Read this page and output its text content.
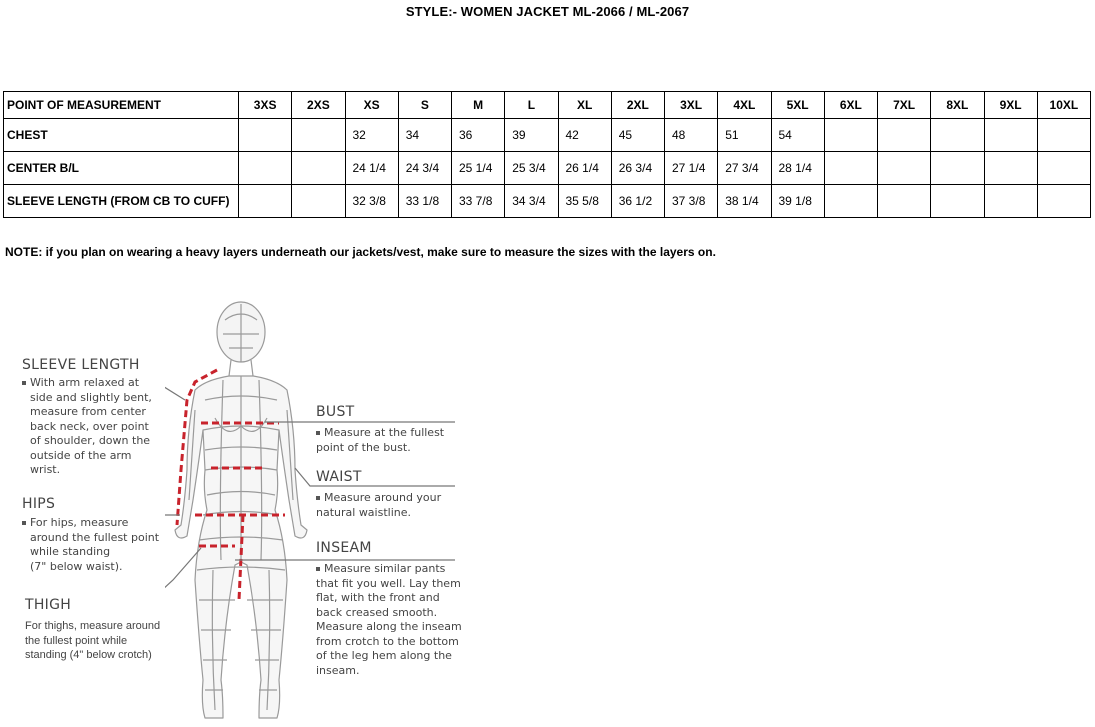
STYLE:- WOMEN JACKET ML-2066 / ML-2067
POINT OF MEASUREMENT	3XS	2XS	XS	S	M	L	XL	2XL	3XL	4XL	5XL	6XL	7XL	8XL	9XL	10XL
CHEST			32	34	36	39	42	45	48	51	54					
CENTER B/L			24 1/4	24 3/4	25 1/4	25 3/4	26 1/4	26 3/4	27 1/4	27 3/4	28 1/4					
SLEEVE LENGTH (FROM CB TO CUFF)			32 3/8	33 1/8	33 7/8	34 3/4	35 5/8	36 1/2	37 3/8	38 1/4	39 1/8					
NOTE: if you plan on wearing a heavy layers underneath our jackets/vest, make sure to measure the sizes with the layers on.
SLEEVE LENGTH
With arm relaxed at
side and slightly bent,
measure from center
back neck, over point
of shoulder, down the
outside of the arm
wrist.
HIPS
For hips, measure
around the fullest point
while standing
(7" below waist).
THIGH
For thighs, measure around
the fullest point while
standing (4" below crotch)
BUST
Measure at the fullest
point of the bust.
WAIST
Measure around your
natural waistline.
INSEAM
Measure similar pants
that fit you well. Lay them
flat, with the front and
back creased smooth.
Measure along the inseam
from crotch to the bottom
of the leg hem along the
inseam.
